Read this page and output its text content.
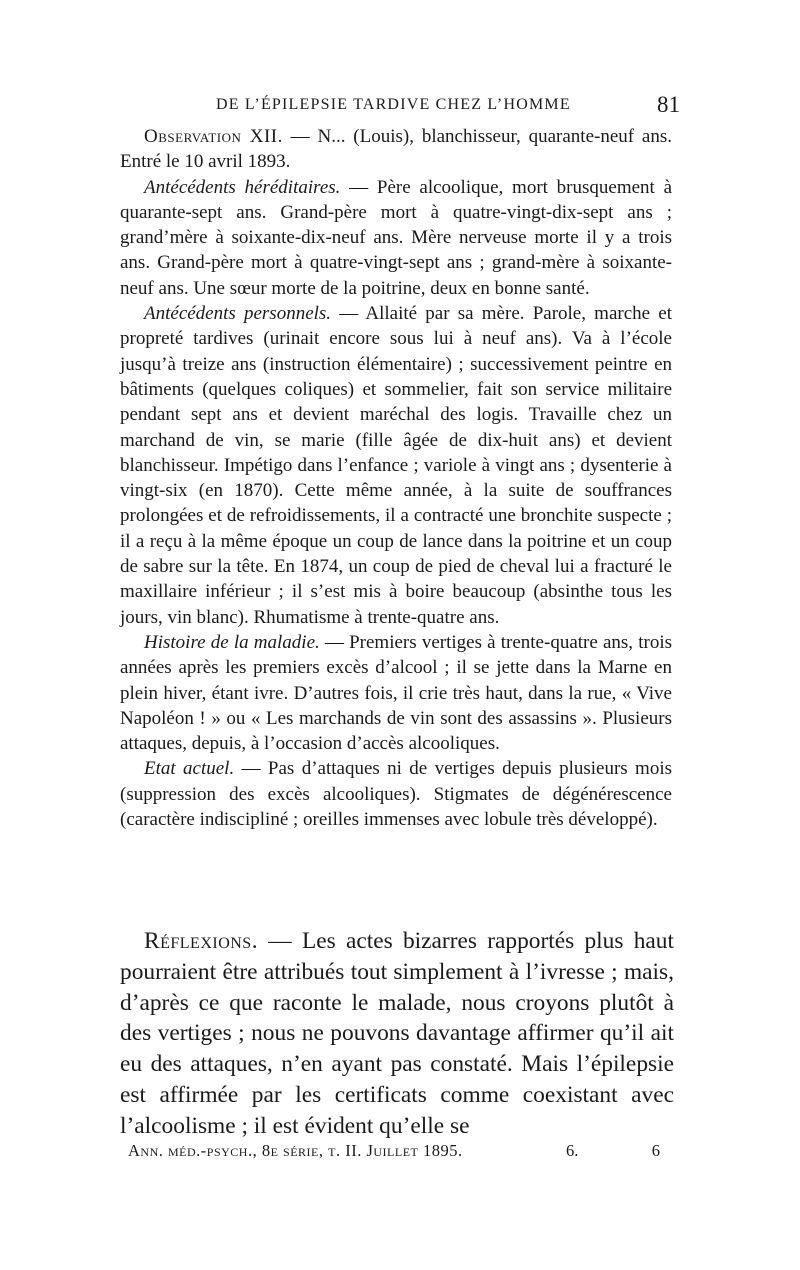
DE L’ÉPILEPSIE TARDIVE CHEZ L’HOMME	81

Observation XII. — N... (Louis), blanchisseur, quarante-neuf ans. Entré le 10 avril 1893.

Antécédents héréditaires. — Père alcoolique, mort brusquement à quarante-sept ans. Grand-père mort à quatre-vingt-dix-sept ans ; grand’mère à soixante-dix-neuf ans. Mère nerveuse morte il y a trois ans. Grand-père mort à quatre-vingt-sept ans ; grand-mère à soixante-neuf ans. Une sœur morte de la poitrine, deux en bonne santé.

Antécédents personnels. — Allaité par sa mère. Parole, marche et propreté tardives (urinait encore sous lui à neuf ans). Va à l’école jusqu’à treize ans (instruction élémentaire) ; successivement peintre en bâtiments (quelques coliques) et sommelier, fait son service militaire pendant sept ans et devient maréchal des logis. Travaille chez un marchand de vin, se marie (fille âgée de dix-huit ans) et devient blanchisseur. Impétigo dans l’enfance ; variole à vingt ans ; dysenterie à vingt-six (en 1870). Cette même année, à la suite de souffrances prolongées et de refroidissements, il a contracté une bronchite suspecte ; il a reçu à la même époque un coup de lance dans la poitrine et un coup de sabre sur la tête. En 1874, un coup de pied de cheval lui a fracturé le maxillaire inférieur ; il s’est mis à boire beaucoup (absinthe tous les jours, vin blanc). Rhumatisme à trente-quatre ans.

Histoire de la maladie. — Premiers vertiges à trente-quatre ans, trois années après les premiers excès d’alcool ; il se jette dans la Marne en plein hiver, étant ivre. D’autres fois, il crie très haut, dans la rue, « Vive Napoléon ! » ou « Les marchands de vin sont des assassins ». Plusieurs attaques, depuis, à l’occasion d’accès alcooliques.

Etat actuel. — Pas d’attaques ni de vertiges depuis plusieurs mois (suppression des excès alcooliques). Stigmates de dégénérescence (caractère indiscipliné ; oreilles immenses avec lobule très développé).

Réflexions. — Les actes bizarres rapportés plus haut pourraient être attribués tout simplement à l’ivresse ; mais, d’après ce que raconte le malade, nous croyons plutôt à des vertiges ; nous ne pouvons davantage affirmer qu’il ait eu des attaques, n’en ayant pas constaté. Mais l’épilepsie est affirmée par les certificats comme coexistant avec l’alcoolisme ; il est évident qu’elle se

Ann. méd.-psych., 8e série, t. II. Juillet 1895.	6.	6
